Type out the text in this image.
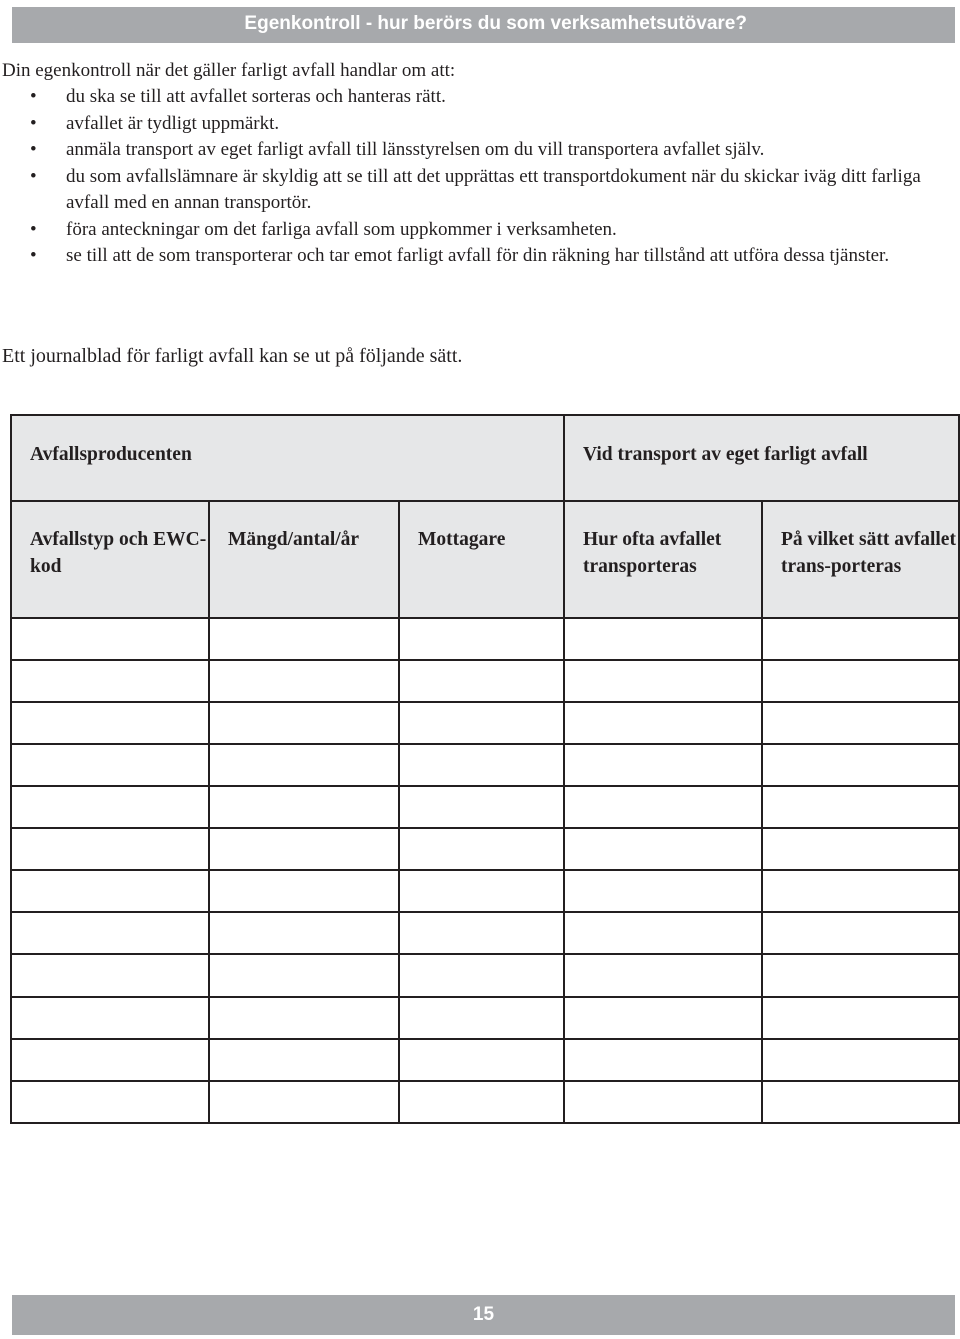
Egenkontroll - hur berörs du som verksamhetsutövare?

Din egenkontroll när det gäller farligt avfall handlar om att:

• du ska se till att avfallet sorteras och hanteras rätt.
• avfallet är tydligt uppmärkt.
• anmäla transport av eget farligt avfall till länsstyrelsen om du vill transportera avfallet själv.
• du som avfallslämnare är skyldig att se till att det upprättas ett transportdokument när du skickar iväg ditt farliga avfall med en annan transportör.
• föra anteckningar om det farliga avfall som uppkommer i verksamheten.
• se till att de som transporterar och tar emot farligt avfall för din räkning har tillstånd att utföra dessa tjänster.

Ett journalblad för farligt avfall kan se ut på följande sätt.

Avfallsproducenten			Vid transport av eget farligt avfall	
Avfallstyp och EWC-kod	Mängd/antal/år	Mottagare	Hur ofta avfallet transporteras	På vilket sätt avfallet trans-porteras

15
